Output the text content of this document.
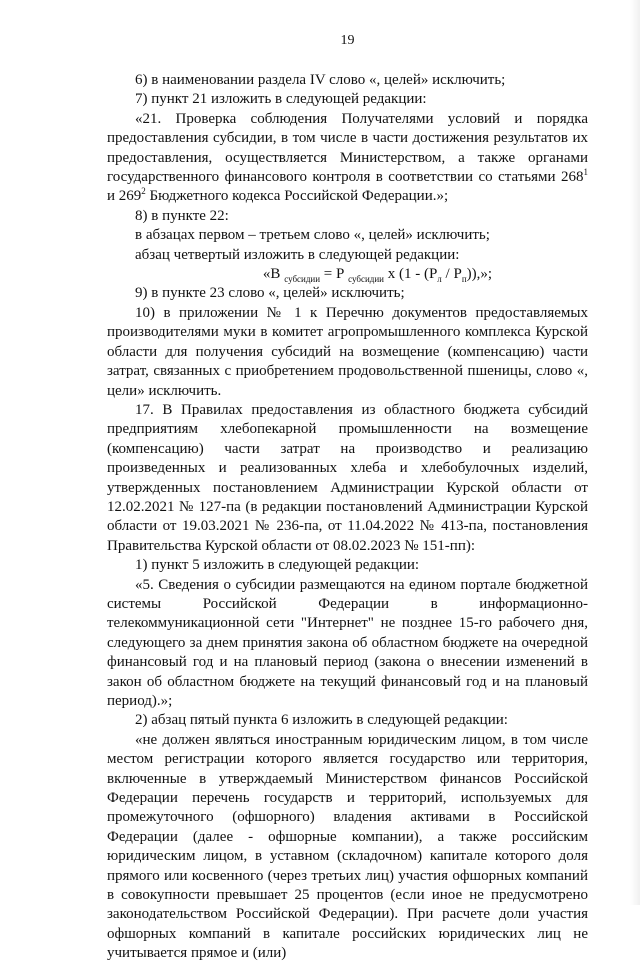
19

6) в наименовании раздела IV слово «, целей» исключить;

7) пункт 21 изложить в следующей редакции:

«21. Проверка соблюдения Получателями условий и порядка предоставления субсидии, в том числе в части достижения результатов их предоставления, осуществляется Министерством, а также органами государственного финансового контроля в соответствии со статьями $268^1$ и $269^2$ Бюджетного кодекса Российской Федерации.»;

8) в пункте 22:

в абзацах первом – третьем слово «, целей» исключить;

абзац четвертый изложить в следующей редакции:

«В $_{субсидии}$ = Р $_{субсидии}$ х $(1 - (Р_л / Р_п))$,»;

9) в пункте 23 слово «, целей» исключить;

10) в приложении № 1 к Перечню документов предоставляемых производителями муки в комитет агропромышленного комплекса Курской области для получения субсидий на возмещение (компенсацию) части затрат, связанных с приобретением продовольственной пшеницы, слово «, цели» исключить.

17. В Правилах предоставления из областного бюджета субсидий предприятиям хлебопекарной промышленности на возмещение (компенсацию) части затрат на производство и реализацию произведенных и реализованных хлеба и хлебобулочных изделий, утвержденных постановлением Администрации Курской области от 12.02.2021 № 127-па (в редакции постановлений Администрации Курской области от 19.03.2021 № 236-па, от 11.04.2022 № 413-па, постановления Правительства Курской области от 08.02.2023 № 151-пп):

1) пункт 5 изложить в следующей редакции:

«5. Сведения о субсидии размещаются на едином портале бюджетной системы Российской Федерации в информационно-телекоммуникационной сети "Интернет" не позднее 15-го рабочего дня, следующего за днем принятия закона об областном бюджете на очередной финансовый год и на плановый период (закона о внесении изменений в закон об областном бюджете на текущий финансовый год и на плановый период).»;

2) абзац пятый пункта 6 изложить в следующей редакции:

«не должен являться иностранным юридическим лицом, в том числе местом регистрации которого является государство или территория, включенные в утверждаемый Министерством финансов Российской Федерации перечень государств и территорий, используемых для промежуточного (офшорного) владения активами в Российской Федерации (далее - офшорные компании), а также российским юридическим лицом, в уставном (складочном) капитале которого доля прямого или косвенного (через третьих лиц) участия офшорных компаний в совокупности превышает 25 процентов (если иное не предусмотрено законодательством Российской Федерации). При расчете доли участия офшорных компаний в капитале российских юридических лиц не учитывается прямое и (или)
